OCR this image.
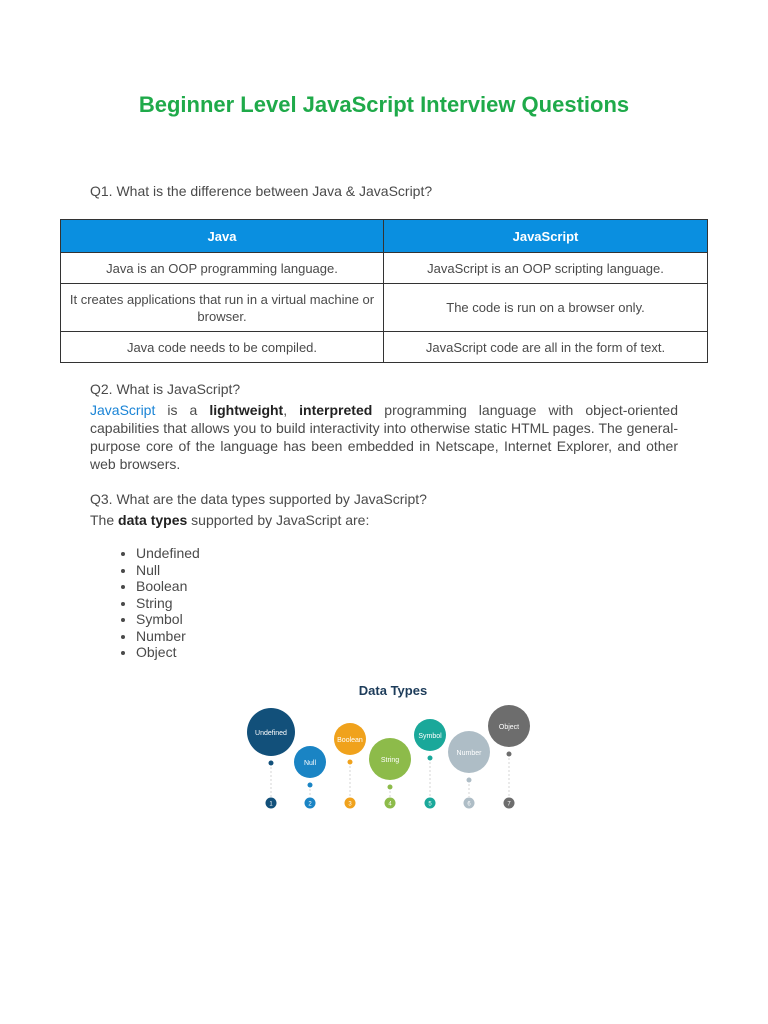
Beginner Level JavaScript Interview Questions
Q1. What is the difference between Java & JavaScript?
Java	JavaScript
Java is an OOP programming language.	JavaScript is an OOP scripting language.
It creates applications that run in a virtual machine or browser.	The code is run on a browser only.
Java code needs to be compiled.	JavaScript code are all in the form of text.
Q2. What is JavaScript?

JavaScript is a lightweight, interpreted programming language with object-oriented capabilities that allows you to build interactivity into otherwise static HTML pages. The general-purpose core of the language has been embedded in Netscape, Internet Explorer, and other web browsers.

Q3. What are the data types supported by JavaScript?

The data types supported by JavaScript are:

• Undefined
• Null
• Boolean
• String
• Symbol
• Number
• Object
Data Types
Undefined
1
Null
2
Boolean
3
String
4
Symbol
5
Number
6
Object
7
